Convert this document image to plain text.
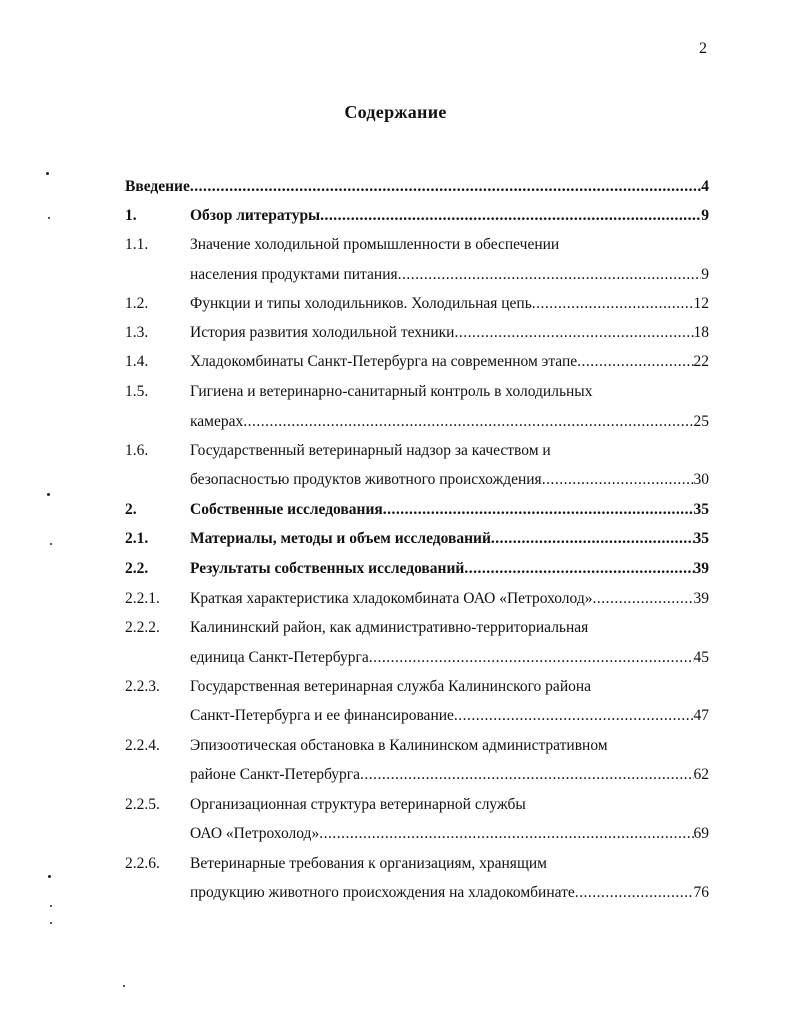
2
Содержание
Введение .....	4
1.	Обзор литературы .....	9
1.1.	Значение холодильной промышленности в обеспечении
населения продуктами питания .....	9
1.2.	Функции и типы холодильников. Холодильная цепь .....	12
1.3.	История развития холодильной техники .....	18
1.4.	Хладокомбинаты Санкт-Петербурга на современном этапе .....	22
1.5.	Гигиена и ветеринарно-санитарный контроль в холодильных
камерах .....	25
1.6.	Государственный ветеринарный надзор за качеством и
безопасностью продуктов животного происхождения .....	30
2.	Собственные исследования .....	35
2.1.	Материалы, методы и объем исследований .....	35
2.2.	Результаты собственных исследований .....	39
2.2.1. Краткая характеристика хладокомбината ОАО «Петрохолод» .....	39
2.2.2. Калининский район, как административно-территориальная
единица Санкт-Петербурга .....	45
2.2.3. Государственная ветеринарная служба Калининского района
Санкт-Петербурга и ее финансирование .....	47
2.2.4. Эпизоотическая обстановка в Калининском административном
районе Санкт-Петербурга .....	62
2.2.5. Организационная структура ветеринарной службы
ОАО «Петрохолод» .....	69
2.2.6. Ветеринарные требования к организациям, хранящим
продукцию животного происхождения на хладокомбинате .....	76
